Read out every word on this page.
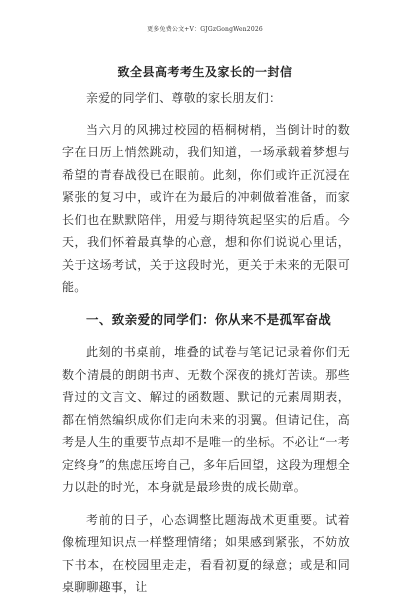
更多免费公文+V：GJGzGongWen2026
致全县高考考生及家长的一封信

亲爱的同学们、尊敬的家长朋友们：

当六月的风拂过校园的梧桐树梢，当倒计时的数字在日历上悄然跳动，我们知道，一场承载着梦想与希望的青春战役已在眼前。此刻，你们或许正沉浸在紧张的复习中，或许在为最后的冲刺做着准备，而家长们也在默默陪伴，用爱与期待筑起坚实的后盾。今天，我们怀着最真挚的心意，想和你们说说心里话，关于这场考试，关于这段时光，更关于未来的无限可能。

一、致亲爱的同学们：你从来不是孤军奋战

此刻的书桌前，堆叠的试卷与笔记记录着你们无数个清晨的朗朗书声、无数个深夜的挑灯苦读。那些背过的文言文、解过的函数题、默记的元素周期表，都在悄然编织成你们走向未来的羽翼。但请记住，高考是人生的重要节点却不是唯一的坐标。不必让“一考定终身”的焦虑压垮自己，多年后回望，这段为理想全力以赴的时光，本身就是最珍贵的成长勋章。

考前的日子，心态调整比题海战术更重要。试着像梳理知识点一样整理情绪；如果感到紧张，不妨放下书本，在校园里走走，看看初夏的绿意；或是和同桌聊聊趣事，让
